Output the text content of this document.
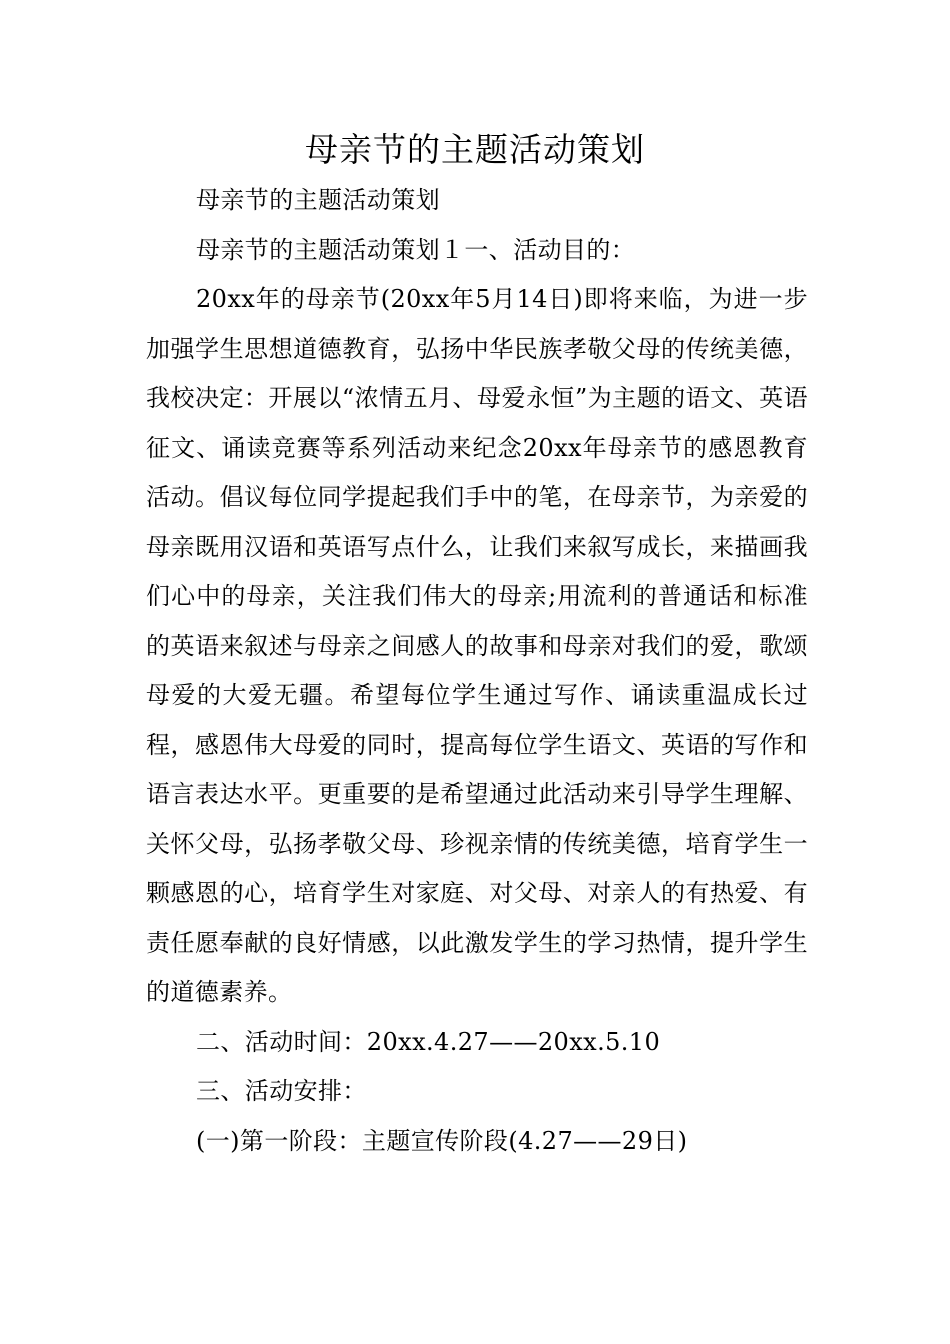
母亲节的主题活动策划

母亲节的主题活动策划

母亲节的主题活动策划１一、活动目的：

20xx年的母亲节(20xx年5月14日)即将来临，为进一步加强学生思想道德教育，弘扬中华民族孝敬父母的传统美德，我校决定：开展以“浓情五月、母爱永恒”为主题的语文、英语征文、诵读竞赛等系列活动来纪念20xx年母亲节的感恩教育活动。倡议每位同学提起我们手中的笔，在母亲节，为亲爱的母亲既用汉语和英语写点什么，让我们来叙写成长，来描画我们心中的母亲，关注我们伟大的母亲;用流利的普通话和标准的英语来叙述与母亲之间感人的故事和母亲对我们的爱，歌颂母爱的大爱无疆。希望每位学生通过写作、诵读重温成长过程，感恩伟大母爱的同时，提高每位学生语文、英语的写作和语言表达水平。更重要的是希望通过此活动来引导学生理解、关怀父母，弘扬孝敬父母、珍视亲情的传统美德，培育学生一颗感恩的心，培育学生对家庭、对父母、对亲人的有热爱、有责任愿奉献的良好情感，以此激发学生的学习热情，提升学生的道德素养。

二、活动时间：20xx.4.27——20xx.5.10

三、活动安排：

(一)第一阶段：主题宣传阶段(4.27——29日)
